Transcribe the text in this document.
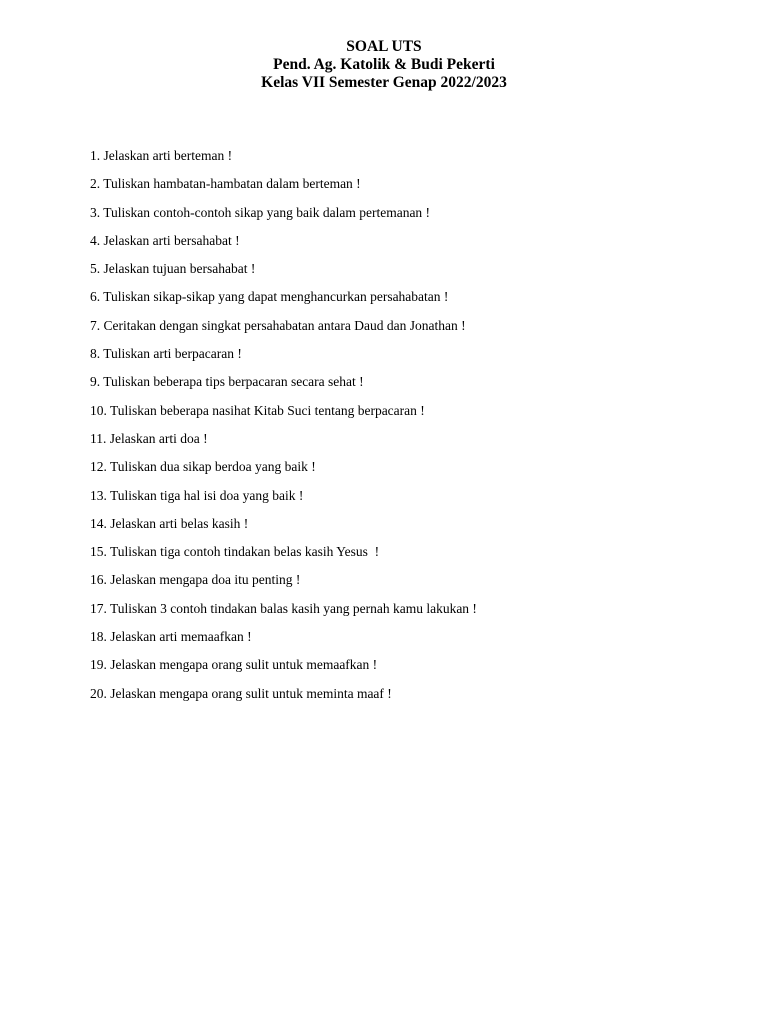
SOAL UTS
Pend. Ag. Katolik & Budi Pekerti
Kelas VII Semester Genap 2022/2023
1. Jelaskan arti berteman !
2. Tuliskan hambatan-hambatan dalam berteman !
3. Tuliskan contoh-contoh sikap yang baik dalam pertemanan !
4. Jelaskan arti bersahabat !
5. Jelaskan tujuan bersahabat !
6. Tuliskan sikap-sikap yang dapat menghancurkan persahabatan !
7. Ceritakan dengan singkat persahabatan antara Daud dan Jonathan !
8. Tuliskan arti berpacaran !
9. Tuliskan beberapa tips berpacaran secara sehat !
10. Tuliskan beberapa nasihat Kitab Suci tentang berpacaran !
11. Jelaskan arti doa !
12. Tuliskan dua sikap berdoa yang baik !
13. Tuliskan tiga hal isi doa yang baik !
14. Jelaskan arti belas kasih !
15. Tuliskan tiga contoh tindakan belas kasih Yesus  !
16. Jelaskan mengapa doa itu penting !
17. Tuliskan 3 contoh tindakan balas kasih yang pernah kamu lakukan !
18. Jelaskan arti memaafkan !
19. Jelaskan mengapa orang sulit untuk memaafkan !
20. Jelaskan mengapa orang sulit untuk meminta maaf !
